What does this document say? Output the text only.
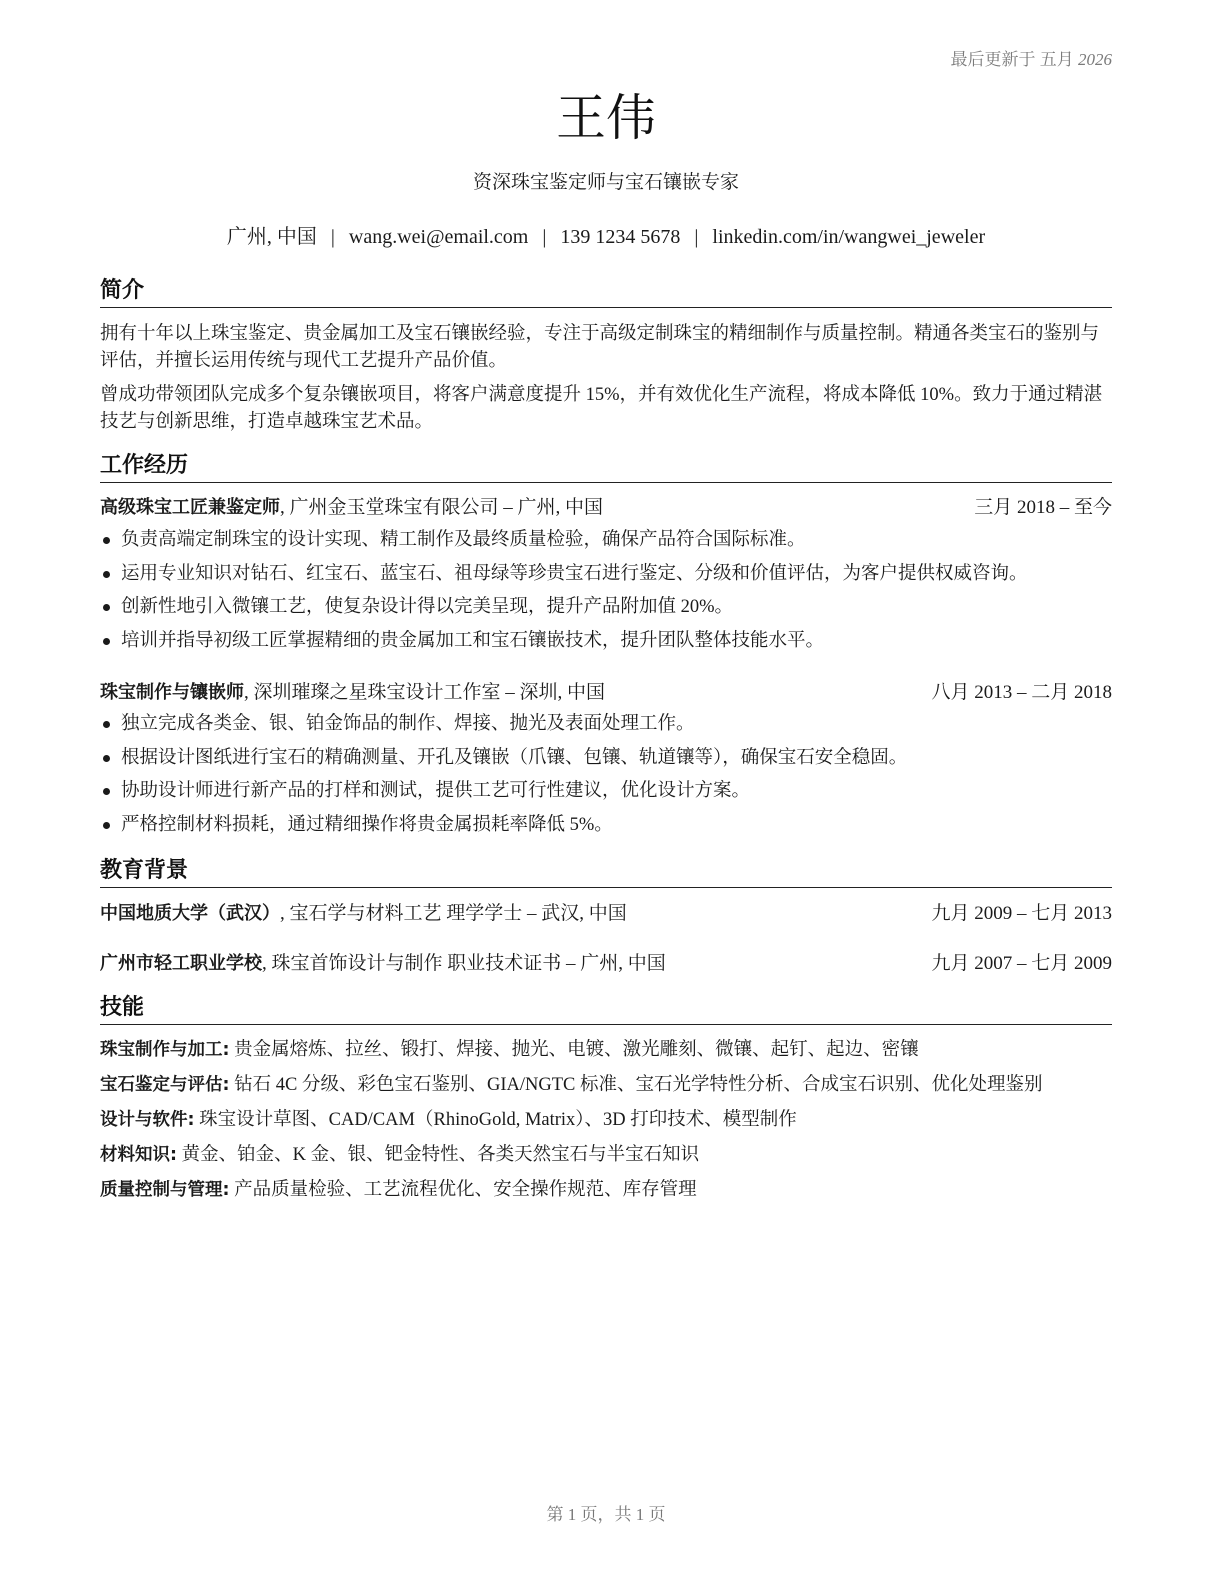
最后更新于 五月 2026
王伟
资深珠宝鉴定师与宝石镶嵌专家
广州, 中国 | wang.wei@email.com | 139 1234 5678 | linkedin.com/in/wangwei_jeweler
简介
拥有十年以上珠宝鉴定、贵金属加工及宝石镶嵌经验，专注于高级定制珠宝的精细制作与质量控制。精通各类宝石的鉴别与评估，并擅长运用传统与现代工艺提升产品价值。
曾成功带领团队完成多个复杂镶嵌项目，将客户满意度提升 15%，并有效优化生产流程，将成本降低 10%。致力于通过精湛技艺与创新思维，打造卓越珠宝艺术品。
工作经历
高级珠宝工匠兼鉴定师, 广州金玉堂珠宝有限公司 – 广州, 中国	三月 2018 – 至今
负责高端定制珠宝的设计实现、精工制作及最终质量检验，确保产品符合国际标准。
运用专业知识对钻石、红宝石、蓝宝石、祖母绿等珍贵宝石进行鉴定、分级和价值评估，为客户提供权威咨询。
创新性地引入微镶工艺，使复杂设计得以完美呈现，提升产品附加值 20%。
培训并指导初级工匠掌握精细的贵金属加工和宝石镶嵌技术，提升团队整体技能水平。
珠宝制作与镶嵌师, 深圳璀璨之星珠宝设计工作室 – 深圳, 中国	八月 2013 – 二月 2018
独立完成各类金、银、铂金饰品的制作、焊接、抛光及表面处理工作。
根据设计图纸进行宝石的精确测量、开孔及镶嵌（爪镶、包镶、轨道镶等），确保宝石安全稳固。
协助设计师进行新产品的打样和测试，提供工艺可行性建议，优化设计方案。
严格控制材料损耗，通过精细操作将贵金属损耗率降低 5%。
教育背景
中国地质大学（武汉）, 宝石学与材料工艺 理学学士 – 武汉, 中国	九月 2009 – 七月 2013
广州市轻工职业学校, 珠宝首饰设计与制作 职业技术证书 – 广州, 中国	九月 2007 – 七月 2009
技能
珠宝制作与加工: 贵金属熔炼、拉丝、锻打、焊接、抛光、电镀、激光雕刻、微镶、起钉、起边、密镶
宝石鉴定与评估: 钻石 4C 分级、彩色宝石鉴别、GIA/NGTC 标准、宝石光学特性分析、合成宝石识别、优化处理鉴别
设计与软件: 珠宝设计草图、CAD/CAM（RhinoGold, Matrix）、3D 打印技术、模型制作
材料知识: 黄金、铂金、K 金、银、钯金特性、各类天然宝石与半宝石知识
质量控制与管理: 产品质量检验、工艺流程优化、安全操作规范、库存管理
第 1 页，共 1 页
